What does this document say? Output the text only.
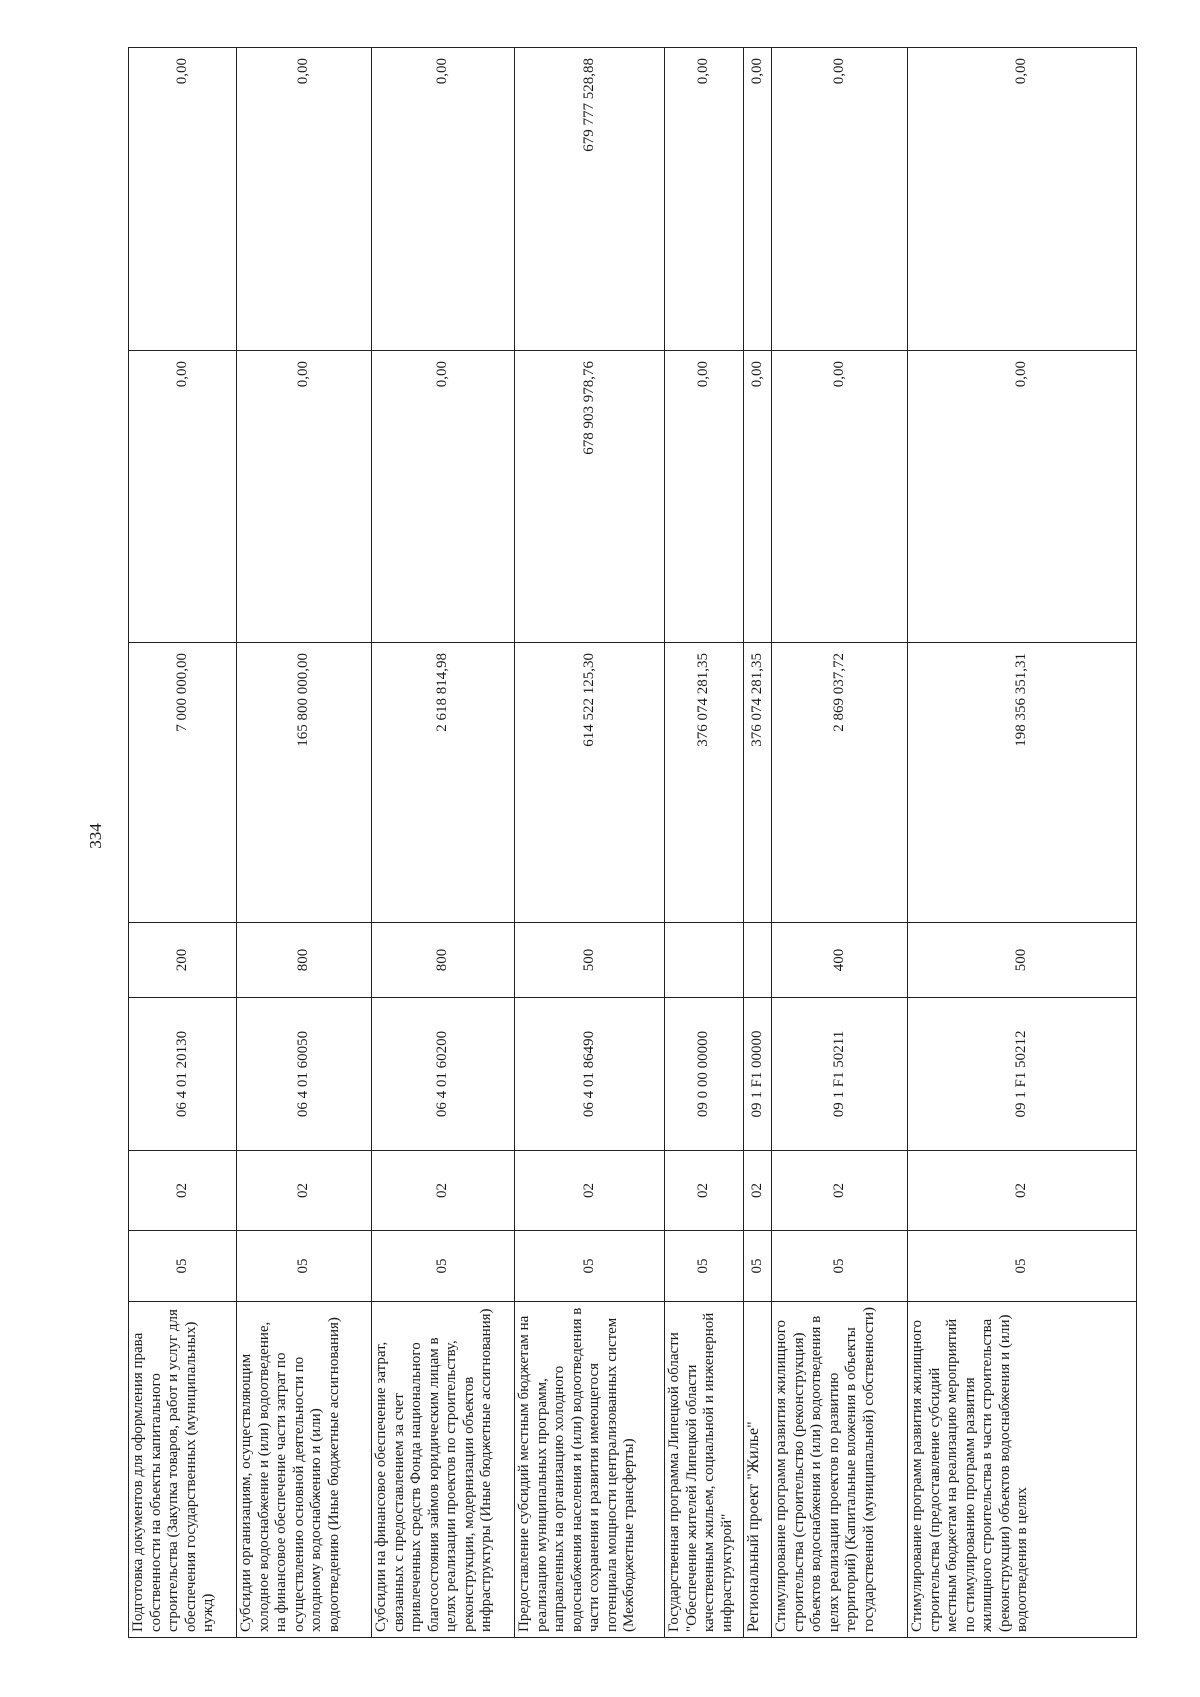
334
Подготовка документов для оформления права собственности на объекты капитального строительства (Закупка товаров, работ и услуг для обеспечения государственных (муниципальных) нужд)	05	02	06 4 01 20130	200	7 000 000,00	0,00	0,00
Субсидии организациям, осуществляющим холодное водоснабжение и (или) водоотведение, на финансовое обеспечение части затрат по осуществлению основной деятельности по холодному водоснабжению и (или) водоотведению (Иные бюджетные ассигнования)	05	02	06 4 01 60050	800	165 800 000,00	0,00	0,00
Субсидии на финансовое обеспечение затрат, связанных с предоставлением за счет привлеченных средств Фонда национального благосостояния займов юридическим лицам в целях реализации проектов по строительству, реконструкции, модернизации объектов инфраструктуры (Иные бюджетные ассигнования)	05	02	06 4 01 60200	800	2 618 814,98	0,00	0,00
Предоставление субсидий местным бюджетам на реализацию муниципальных программ, направленных на организацию холодного водоснабжения населения и (или) водоотведения в части сохранения и развития имеющегося потенциала мощности централизованных систем (Межбюджетные трансферты)	05	02	06 4 01 86490	500	614 522 125,30	678 903 978,76	679 777 528,88
Государственная программа Липецкой области "Обеспечение жителей Липецкой области качественным жильем, социальной и инженерной инфраструктурой"	05	02	09 0 00 00000		376 074 281,35	0,00	0,00
Региональный проект "Жилье"	05	02	09 1 F1 00000		376 074 281,35	0,00	0,00
Стимулирование программ развития жилищного строительства (строительство (реконструкция) объектов водоснабжения и (или) водоотведения в целях реализации проектов по развитию территорий) (Капитальные вложения в объекты государственной (муниципальной) собственности)	05	02	09 1 F1 50211	400	2 869 037,72	0,00	0,00
Стимулирование программ развития жилищного строительства (предоставление субсидий местным бюджетам на реализацию мероприятий по стимулированию программ развития жилищного строительства в части строительства (реконструкции) объектов водоснабжения и (или) водоотведения в целях	05	02	09 1 F1 50212	500	198 356 351,31	0,00	0,00
